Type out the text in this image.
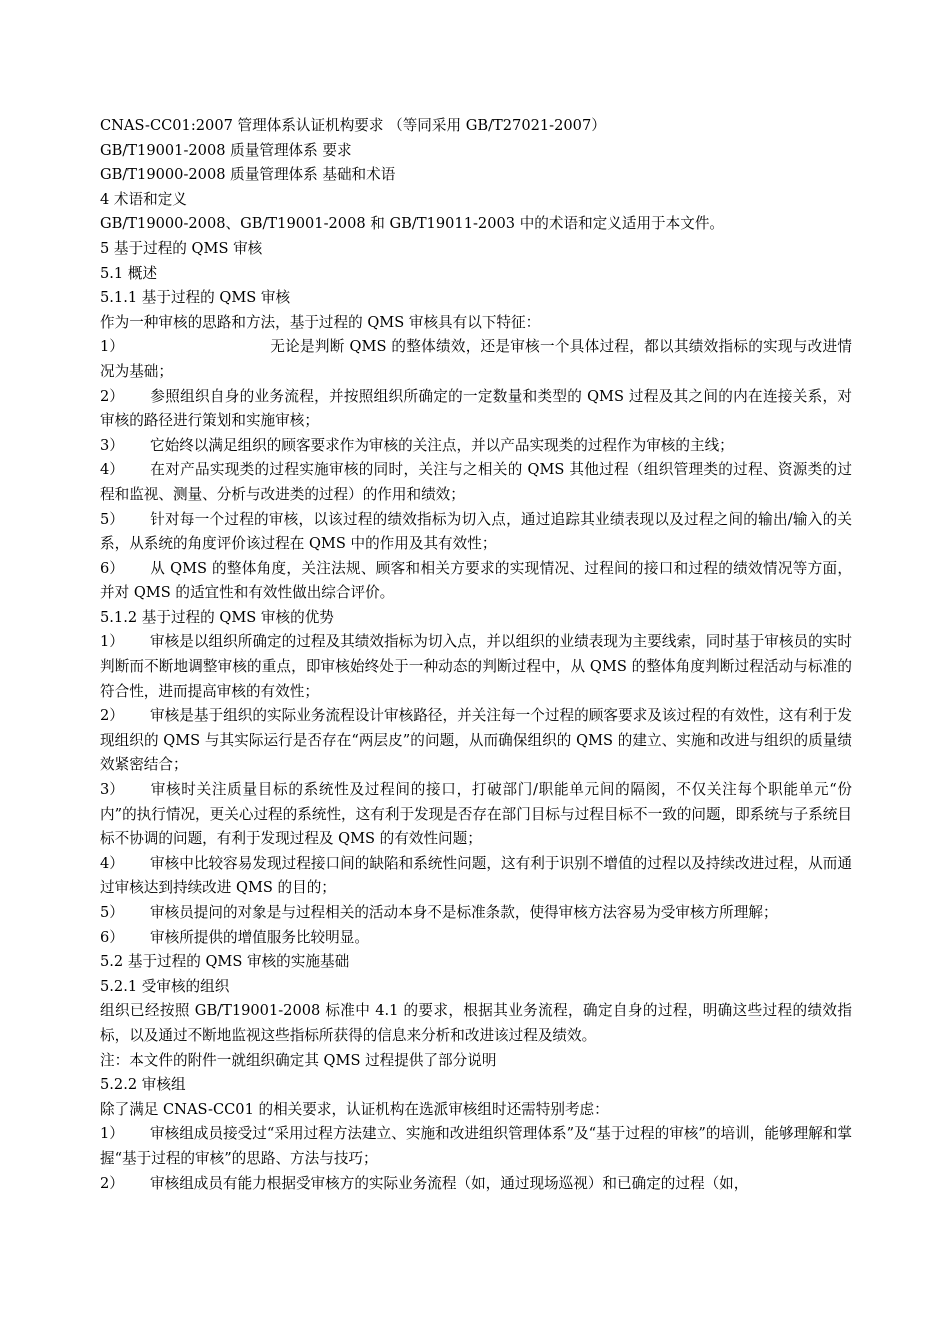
CNAS-CC01:2007 管理体系认证机构要求 （等同采用 GB/T27021-2007）
GB/T19001-2008 质量管理体系 要求
GB/T19000-2008 质量管理体系 基础和术语
4 术语和定义
GB/T19000-2008、GB/T19001-2008 和 GB/T19011-2003 中的术语和定义适用于本文件。
5 基于过程的 QMS 审核
5.1 概述
5.1.1 基于过程的 QMS 审核
作为一种审核的思路和方法，基于过程的 QMS 审核具有以下特征：
1）	无论是判断 QMS 的整体绩效，还是审核一个具体过程，都以其绩效指标的实现与改进情况为基础；
2） 参照组织自身的业务流程，并按照组织所确定的一定数量和类型的 QMS 过程及其之间的内在连接关系，对审核的路径进行策划和实施审核；
3） 它始终以满足组织的顾客要求作为审核的关注点，并以产品实现类的过程作为审核的主线；
4） 在对产品实现类的过程实施审核的同时，关注与之相关的 QMS 其他过程（组织管理类的过程、资源类的过程和监视、测量、分析与改进类的过程）的作用和绩效；
5） 针对每一个过程的审核，以该过程的绩效指标为切入点，通过追踪其业绩表现以及过程之间的输出/输入的关系，从系统的角度评价该过程在 QMS 中的作用及其有效性；
6） 从 QMS 的整体角度，关注法规、顾客和相关方要求的实现情况、过程间的接口和过程的绩效情况等方面，并对 QMS 的适宜性和有效性做出综合评价。
5.1.2 基于过程的 QMS 审核的优势
1） 审核是以组织所确定的过程及其绩效指标为切入点，并以组织的业绩表现为主要线索，同时基于审核员的实时判断而不断地调整审核的重点，即审核始终处于一种动态的判断过程中，从 QMS 的整体角度判断过程活动与标准的符合性，进而提高审核的有效性；
2） 审核是基于组织的实际业务流程设计审核路径，并关注每一个过程的顾客要求及该过程的有效性，这有利于发现组织的 QMS 与其实际运行是否存在“两层皮”的问题，从而确保组织的 QMS 的建立、实施和改进与组织的质量绩效紧密结合；
3） 审核时关注质量目标的系统性及过程间的接口，打破部门/职能单元间的隔阂，不仅关注每个职能单元“份内”的执行情况，更关心过程的系统性，这有利于发现是否存在部门目标与过程目标不一致的问题，即系统与子系统目标不协调的问题，有利于发现过程及 QMS 的有效性问题；
4） 审核中比较容易发现过程接口间的缺陷和系统性问题，这有利于识别不增值的过程以及持续改进过程，从而通过审核达到持续改进 QMS 的目的；
5） 审核员提问的对象是与过程相关的活动本身不是标准条款，使得审核方法容易为受审核方所理解；
6） 审核所提供的增值服务比较明显。
5.2 基于过程的 QMS 审核的实施基础
5.2.1 受审核的组织
组织已经按照 GB/T19001-2008 标准中 4.1 的要求，根据其业务流程，确定自身的过程，明确这些过程的绩效指标，以及通过不断地监视这些指标所获得的信息来分析和改进该过程及绩效。
注：本文件的附件一就组织确定其 QMS 过程提供了部分说明
5.2.2 审核组
除了满足 CNAS-CC01 的相关要求，认证机构在选派审核组时还需特别考虑：
1） 审核组成员接受过“采用过程方法建立、实施和改进组织管理体系”及“基于过程的审核”的培训，能够理解和掌握“基于过程的审核”的思路、方法与技巧；
2） 审核组成员有能力根据受审核方的实际业务流程（如，通过现场巡视）和已确定的过程（如，
